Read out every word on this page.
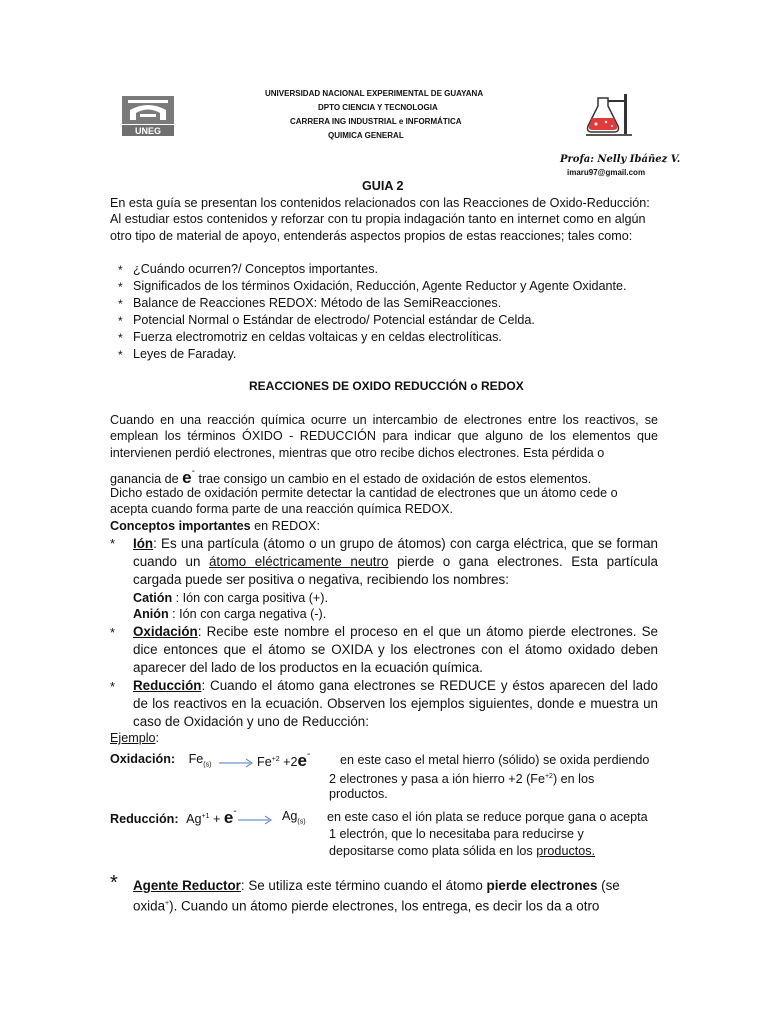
UNEG
UNIVERSIDAD NACIONAL EXPERIMENTAL DE GUAYANA
DPTO CIENCIA Y TECNOLOGIA
CARRERA ING INDUSTRIAL e INFORMÁTICA
QUIMICA GENERAL
Profa: Nelly Ibáñez V.
imaru97@gmail.com
GUIA 2
En esta guía se presentan los contenidos relacionados con las Reacciones de Oxido-Reducción: Al estudiar estos contenidos y reforzar con tu propia indagación tanto en internet como en algún otro tipo de material de apoyo, entenderás aspectos propios de estas reacciones; tales como:
* ¿Cuándo ocurren?/ Conceptos importantes.
* Significados de los términos Oxidación, Reducción, Agente Reductor y Agente Oxidante.
* Balance de Reacciones REDOX: Método de las SemiReacciones.
* Potencial Normal o Estándar de electrodo/ Potencial estándar de Celda.
* Fuerza electromotriz en celdas voltaicas y en celdas electrolíticas.
* Leyes de Faraday.
REACCIONES DE OXIDO REDUCCIÓN o REDOX
Cuando en una reacción química ocurre un intercambio de electrones entre los reactivos, se emplean los términos ÓXIDO - REDUCCIÓN para indicar que alguno de los elementos que intervienen perdió electrones, mientras que otro recibe dichos electrones. Esta pérdida o
ganancia de e- trae consigo un cambio en el estado de oxidación de estos elementos.
Dicho estado de oxidación permite detectar la cantidad de electrones que un átomo cede o acepta cuando forma parte de una reacción química REDOX.
Conceptos importantes en REDOX:
* Ión: Es una partícula (átomo o un grupo de átomos) con carga eléctrica, que se forman cuando un átomo eléctricamente neutro pierde o gana electrones. Esta partícula cargada puede ser positiva o negativa, recibiendo los nombres:
Catión : Ión con carga positiva (+).
Anión : Ión con carga negativa (-).
* Oxidación: Recibe este nombre el proceso en el que un átomo pierde electrones. Se dice entonces que el átomo se OXIDA y los electrones con el átomo oxidado deben aparecer del lado de los productos en la ecuación química.
* Reducción: Cuando el átomo gana electrones se REDUCE y éstos aparecen del lado de los reactivos en la ecuación. Observen los ejemplos siguientes, donde e muestra un caso de Oxidación y uno de Reducción:
Ejemplo:
Oxidación: $Fe_{(s)} \to Fe^{+2} +2e^-$ en este caso el metal hierro (sólido) se oxida perdiendo
2 electrones y pasa a ión hierro +2 $(Fe^{+2})$ en los
productos.
Reducción: $Ag^{+1} + e^- \to Ag_{(s)}$ en este caso el ión plata se reduce porque gana o acepta
1 electrón, que lo necesitaba para reducirse y
depositarse como plata sólida en los productos.
* Agente Reductor: Se utiliza este término cuando el átomo pierde electrones (se
oxida+). Cuando un átomo pierde electrones, los entrega, es decir los da a otro
